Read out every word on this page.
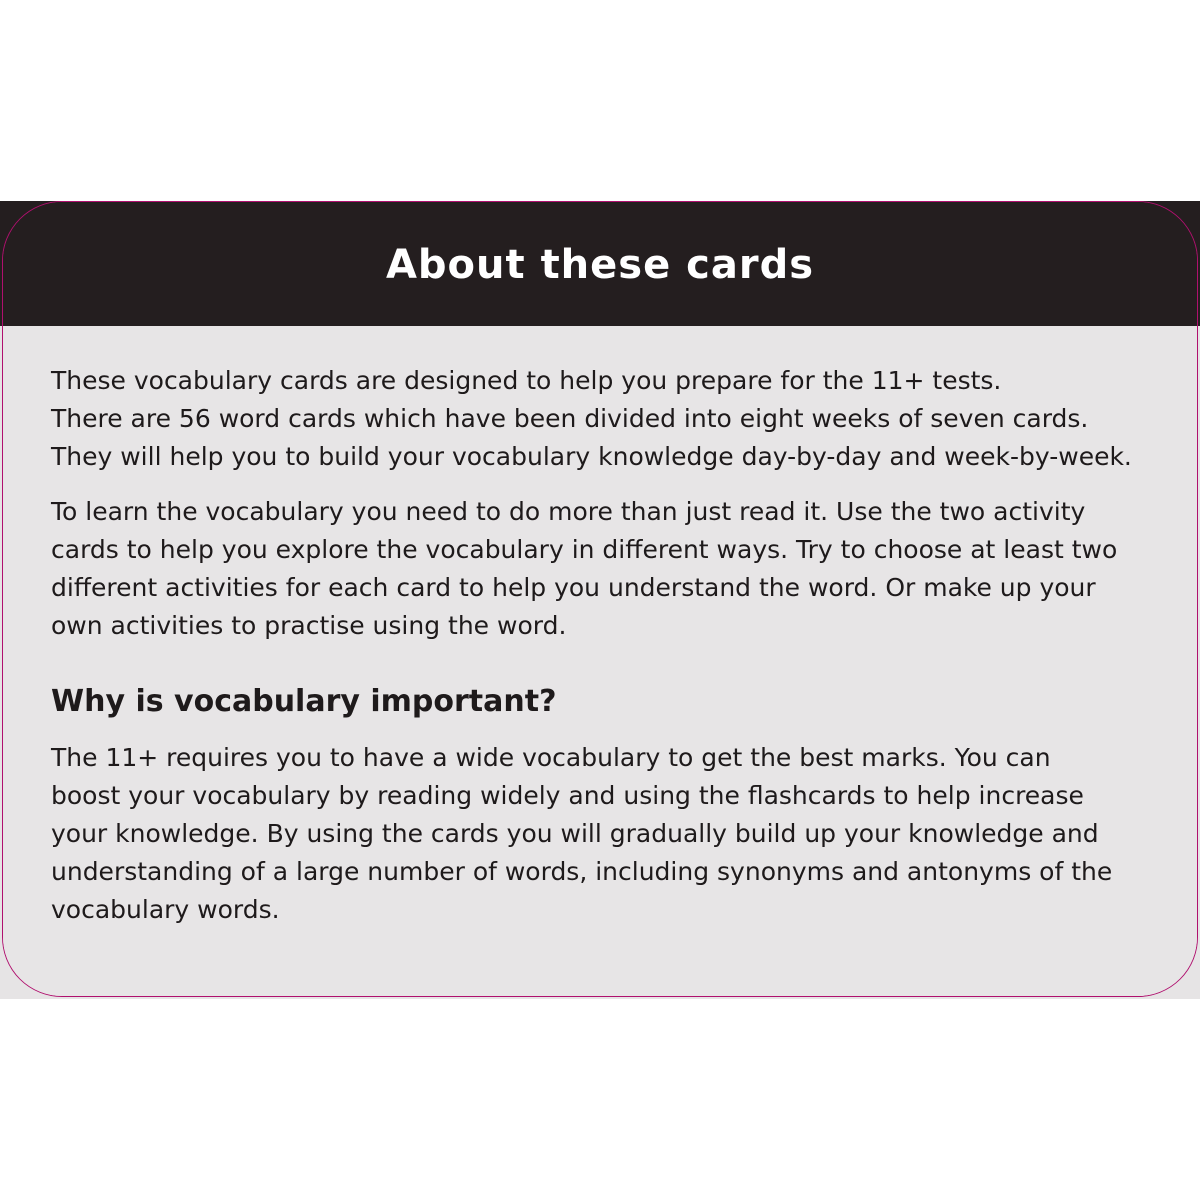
About these cards

These vocabulary cards are designed to help you prepare for the 11+ tests.
There are 56 word cards which have been divided into eight weeks of seven cards.
They will help you to build your vocabulary knowledge day-by-day and week-by-week.

To learn the vocabulary you need to do more than just read it. Use the two activity
cards to help you explore the vocabulary in different ways. Try to choose at least two
different activities for each card to help you understand the word. Or make up your
own activities to practise using the word.

Why is vocabulary important?

The 11+ requires you to have a wide vocabulary to get the best marks. You can
boost your vocabulary by reading widely and using the flashcards to help increase
your knowledge. By using the cards you will gradually build up your knowledge and
understanding of a large number of words, including synonyms and antonyms of the
vocabulary words.
